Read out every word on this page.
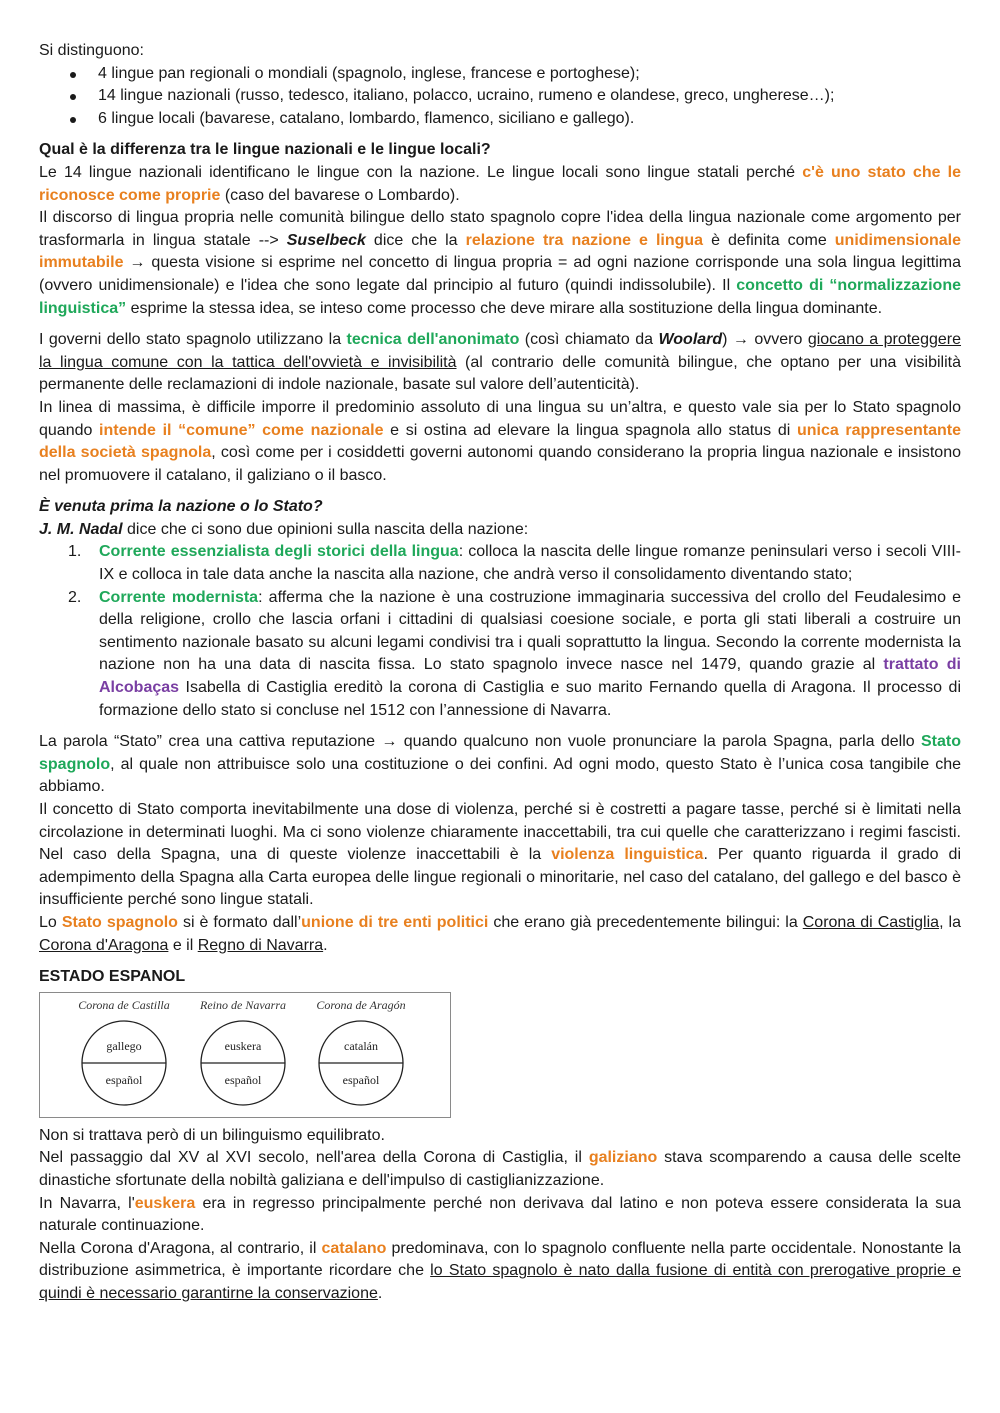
Si distinguono:

4 lingue pan regionali o mondiali (spagnolo, inglese, francese e portoghese);
14 lingue nazionali (russo, tedesco, italiano, polacco, ucraino, rumeno e olandese, greco, ungherese…);
6 lingue locali (bavarese, catalano, lombardo, flamenco, siciliano e gallego).

Qual è la differenza tra le lingue nazionali e le lingue locali?

Le 14 lingue nazionali identificano le lingue con la nazione. Le lingue locali sono lingue statali perché c'è uno stato che le riconosce come proprie (caso del bavarese o Lombardo).

Il discorso di lingua propria nelle comunità bilingue dello stato spagnolo copre l'idea della lingua nazionale come argomento per trasformarla in lingua statale --> Suselbeck dice che la relazione tra nazione e lingua è definita come unidimensionale immutabile → questa visione si esprime nel concetto di lingua propria = ad ogni nazione corrisponde una sola lingua legittima (ovvero unidimensionale) e l'idea che sono legate dal principio al futuro (quindi indissolubile). Il concetto di “normalizzazione linguistica” esprime la stessa idea, se inteso come processo che deve mirare alla sostituzione della lingua dominante.

I governi dello stato spagnolo utilizzano la tecnica dell'anonimato (così chiamato da Woolard) → ovvero giocano a proteggere la lingua comune con la tattica dell'ovvietà e invisibilità (al contrario delle comunità bilingue, che optano per una visibilità permanente delle reclamazioni di indole nazionale, basate sul valore dell’autenticità).

In linea di massima, è difficile imporre il predominio assoluto di una lingua su un’altra, e questo vale sia per lo Stato spagnolo quando intende il “comune” come nazionale e si ostina ad elevare la lingua spagnola allo status di unica rappresentante della società spagnola, così come per i cosiddetti governi autonomi quando considerano la propria lingua nazionale e insistono nel promuovere il catalano, il galiziano o il basco.

È venuta prima la nazione o lo Stato?

J. M. Nadal dice che ci sono due opinioni sulla nascita della nazione:

1. Corrente essenzialista degli storici della lingua: colloca la nascita delle lingue romanze peninsulari verso i secoli VIII-IX e colloca in tale data anche la nascita alla nazione, che andrà verso il consolidamento diventando stato;
2. Corrente modernista: afferma che la nazione è una costruzione immaginaria successiva del crollo del Feudalesimo e della religione, crollo che lascia orfani i cittadini di qualsiasi coesione sociale, e porta gli stati liberali a costruire un sentimento nazionale basato su alcuni legami condivisi tra i quali soprattutto la lingua. Secondo la corrente modernista la nazione non ha una data di nascita fissa. Lo stato spagnolo invece nasce nel 1479, quando grazie al trattato di Alcobaças Isabella di Castiglia ereditò la corona di Castiglia e suo marito Fernando quella di Aragona. Il processo di formazione dello stato si concluse nel 1512 con l’annessione di Navarra.

La parola “Stato” crea una cattiva reputazione → quando qualcuno non vuole pronunciare la parola Spagna, parla dello Stato spagnolo, al quale non attribuisce solo una costituzione o dei confini. Ad ogni modo, questo Stato è l’unica cosa tangibile che abbiamo.

Il concetto di Stato comporta inevitabilmente una dose di violenza, perché si è costretti a pagare tasse, perché si è limitati nella circolazione in determinati luoghi. Ma ci sono violenze chiaramente inaccettabili, tra cui quelle che caratterizzano i regimi fascisti. Nel caso della Spagna, una di queste violenze inaccettabili è la violenza linguistica. Per quanto riguarda il grado di adempimento della Spagna alla Carta europea delle lingue regionali o minoritarie, nel caso del catalano, del gallego e del basco è insufficiente perché sono lingue statali.

Lo Stato spagnolo si è formato dall’unione di tre enti politici che erano già precedentemente bilingui: la Corona di Castiglia, la Corona d'Aragona e il Regno di Navarra.

ESTADO ESPANOL

Corona de Castilla
gallego
español
Reino de Navarra
euskera
español
Corona de Aragón
catalán
español

Non si trattava però di un bilinguismo equilibrato.

Nel passaggio dal XV al XVI secolo, nell'area della Corona di Castiglia, il galiziano stava scomparendo a causa delle scelte dinastiche sfortunate della nobiltà galiziana e dell'impulso di castiglianizzazione.

In Navarra, l'euskera era in regresso principalmente perché non derivava dal latino e non poteva essere considerata la sua naturale continuazione.

Nella Corona d'Aragona, al contrario, il catalano predominava, con lo spagnolo confluente nella parte occidentale. Nonostante la distribuzione asimmetrica, è importante ricordare che lo Stato spagnolo è nato dalla fusione di entità con prerogative proprie e quindi è necessario garantirne la conservazione.
